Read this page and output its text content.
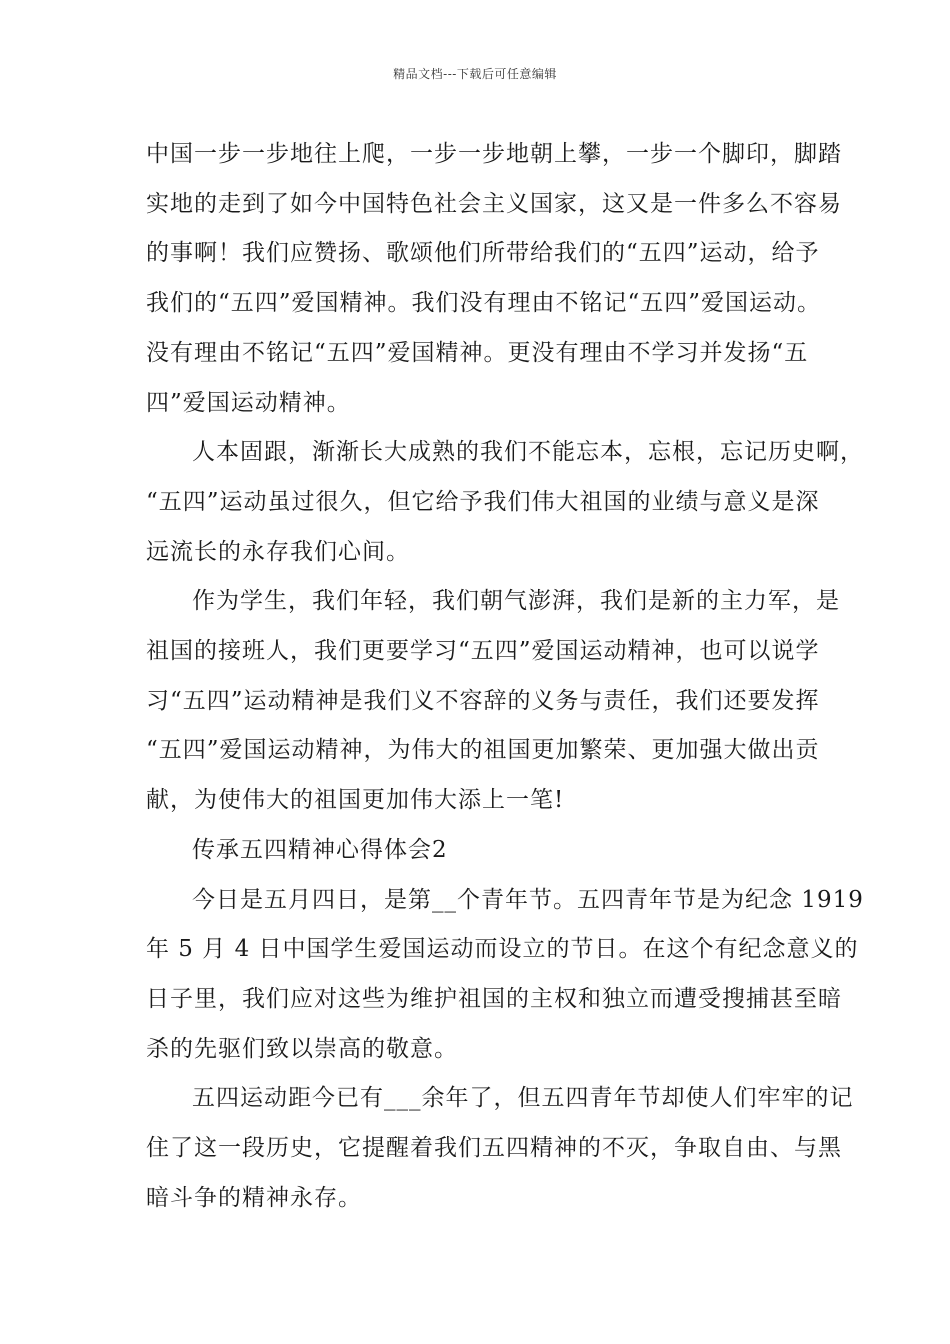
精品文档---下载后可任意编辑

中国一步一步地往上爬，一步一步地朝上攀，一步一个脚印，脚踏
实地的走到了如今中国特色社会主义国家，这又是一件多么不容易
的事啊！我们应赞扬、歌颂他们所带给我们的“五四”运动，给予
我们的“五四”爱国精神。我们没有理由不铭记“五四”爱国运动。
没有理由不铭记“五四”爱国精神。更没有理由不学习并发扬“五
四”爱国运动精神。

人本固跟，渐渐长大成熟的我们不能忘本，忘根，忘记历史啊，
“五四”运动虽过很久，但它给予我们伟大祖国的业绩与意义是深
远流长的永存我们心间。

作为学生，我们年轻，我们朝气澎湃，我们是新的主力军，是
祖国的接班人，我们更要学习“五四”爱国运动精神，也可以说学
习“五四”运动精神是我们义不容辞的义务与责任，我们还要发挥
“五四”爱国运动精神，为伟大的祖国更加繁荣、更加强大做出贡
献，为使伟大的祖国更加伟大添上一笔!

传承五四精神心得体会2

今日是五月四日，是第__个青年节。五四青年节是为纪念 1919
年 5 月 4 日中国学生爱国运动而设立的节日。在这个有纪念意义的
日子里，我们应对这些为维护祖国的主权和独立而遭受搜捕甚至暗
杀的先驱们致以崇高的敬意。

五四运动距今已有___余年了，但五四青年节却使人们牢牢的记
住了这一段历史，它提醒着我们五四精神的不灭，争取自由、与黑
暗斗争的精神永存。
